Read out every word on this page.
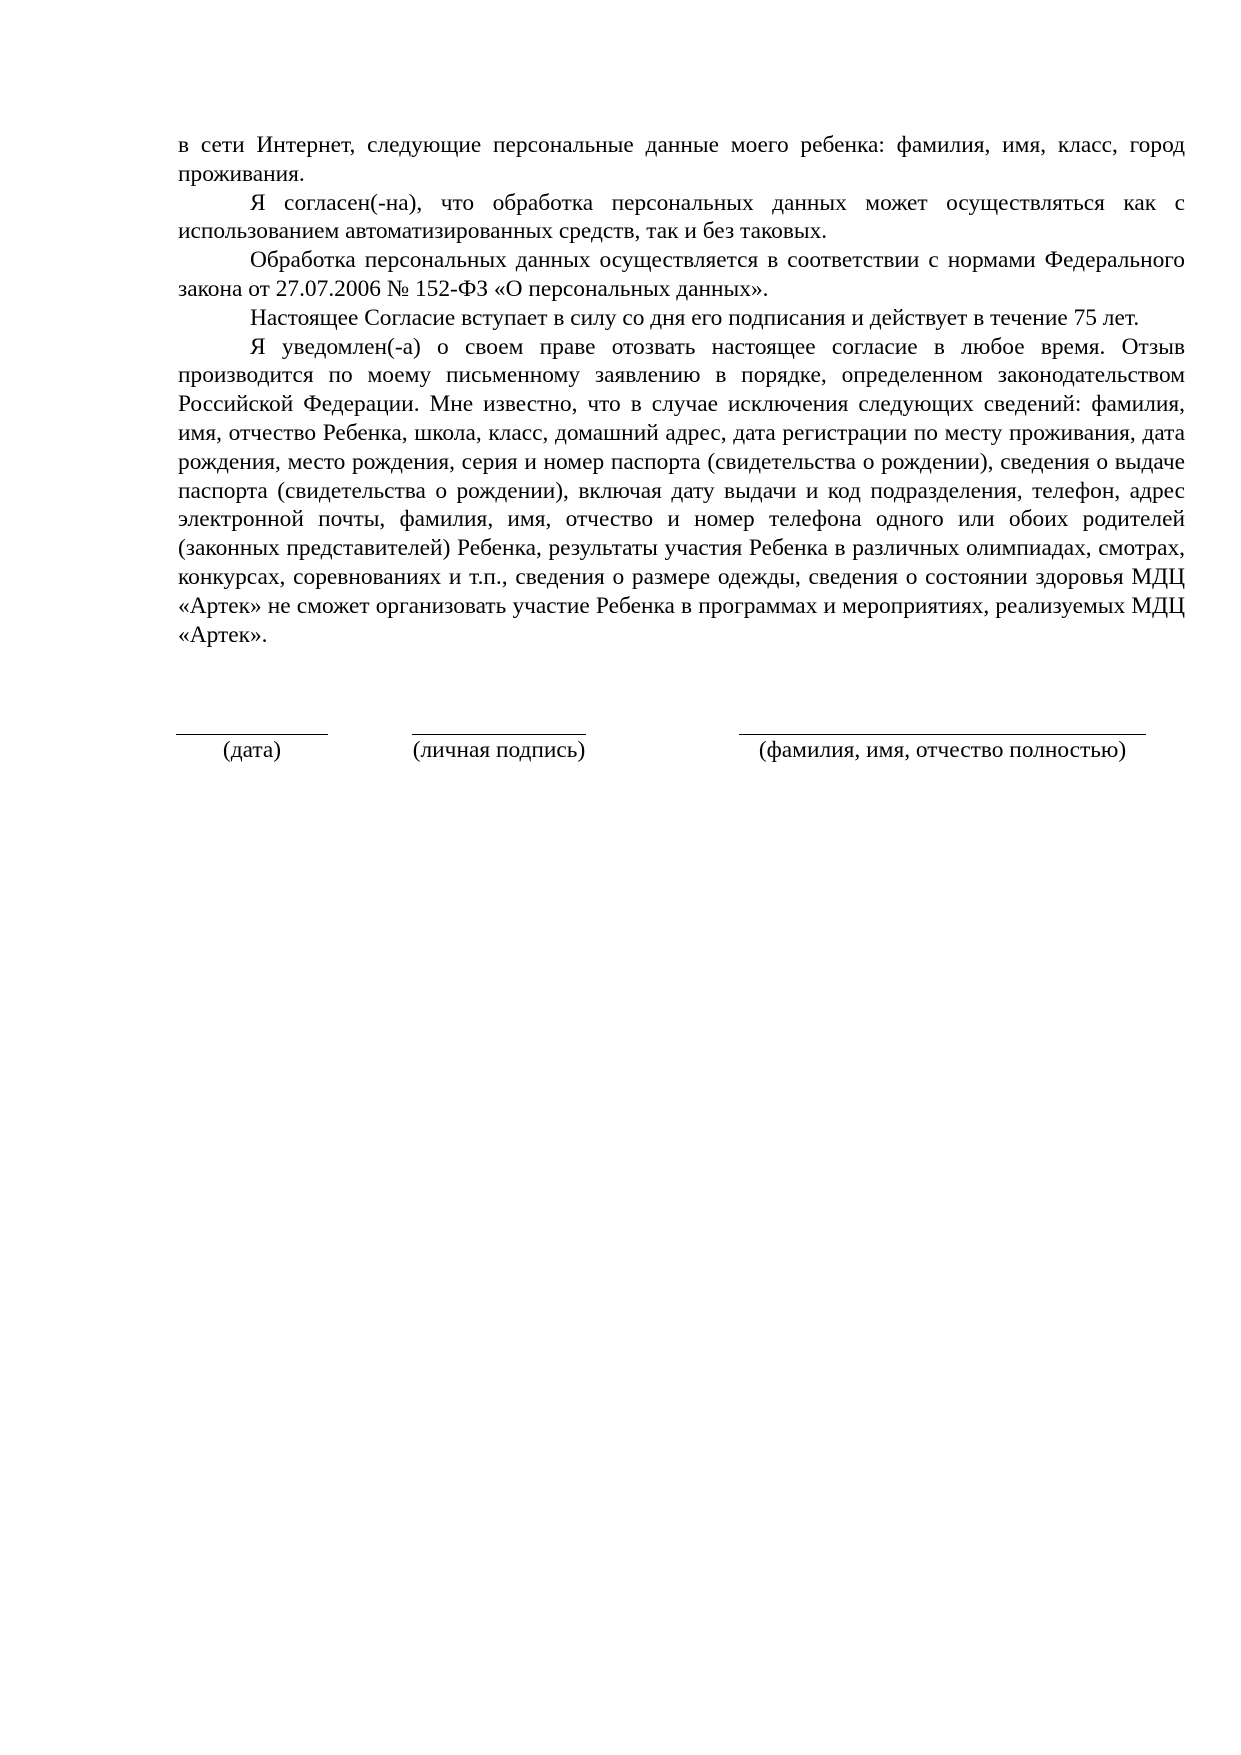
в сети Интернет, следующие персональные данные моего ребенка: фамилия, имя, класс, город проживания.

Я согласен(-на), что обработка персональных данных может осуществляться как с использованием автоматизированных средств, так и без таковых.

Обработка персональных данных осуществляется в соответствии с нормами Федерального закона от 27.07.2006 № 152-ФЗ «О персональных данных».

Настоящее Согласие вступает в силу со дня его подписания и действует в течение 75 лет.

Я уведомлен(-а) о своем праве отозвать настоящее согласие в любое время. Отзыв производится по моему письменному заявлению в порядке, определенном законодательством Российской Федерации. Мне известно, что в случае исключения следующих сведений: фамилия, имя, отчество Ребенка, школа, класс, домашний адрес, дата регистрации по месту проживания, дата рождения, место рождения, серия и номер паспорта (свидетельства о рождении), сведения о выдаче паспорта (свидетельства о рождении), включая дату выдачи и код подразделения, телефон, адрес электронной почты, фамилия, имя, отчество и номер телефона одного или обоих родителей (законных представителей) Ребенка, результаты участия Ребенка в различных олимпиадах, смотрах, конкурсах, соревнованиях и т.п., сведения о размере одежды, сведения о состоянии здоровья МДЦ «Артек» не сможет организовать участие Ребенка в программах и мероприятиях, реализуемых МДЦ «Артек».

(дата)	(личная подпись)	(фамилия, имя, отчество полностью)
